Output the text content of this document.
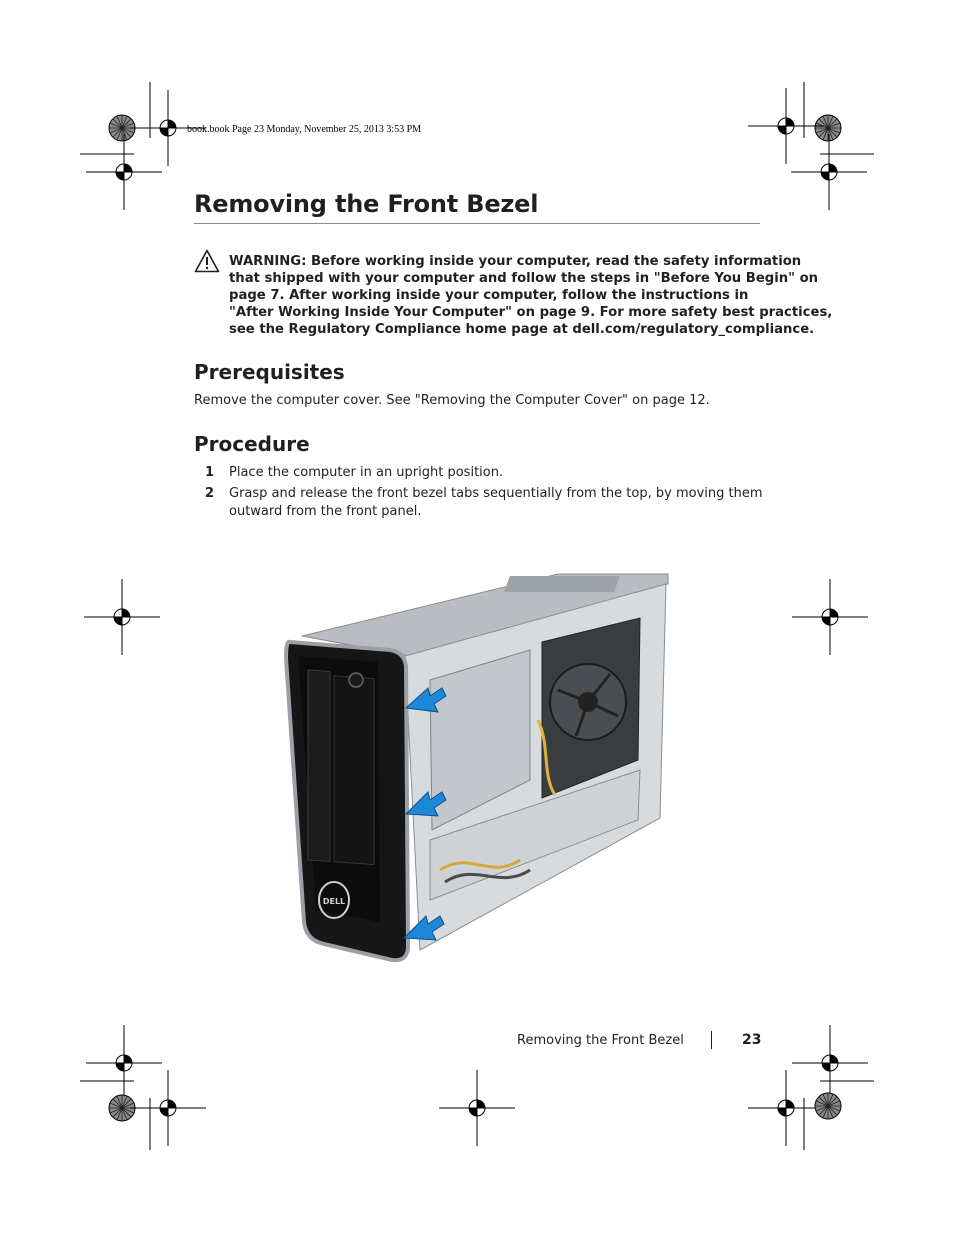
book.book Page 23 Monday, November 25, 2013 3:53 PM
Removing the Front Bezel
WARNING: Before working inside your computer, read the safety information
that shipped with your computer and follow the steps in "Before You Begin" on
page 7. After working inside your computer, follow the instructions in
"After Working Inside Your Computer" on page 9. For more safety best practices,
see the Regulatory Compliance home page at dell.com/regulatory_compliance.
Prerequisites
Remove the computer cover. See "Removing the Computer Cover" on page 12.
Procedure
1	Place the computer in an upright position.
2	Grasp and release the front bezel tabs sequentially from the top, by moving them
outward from the front panel.
DELL
Removing the Front Bezel	23
